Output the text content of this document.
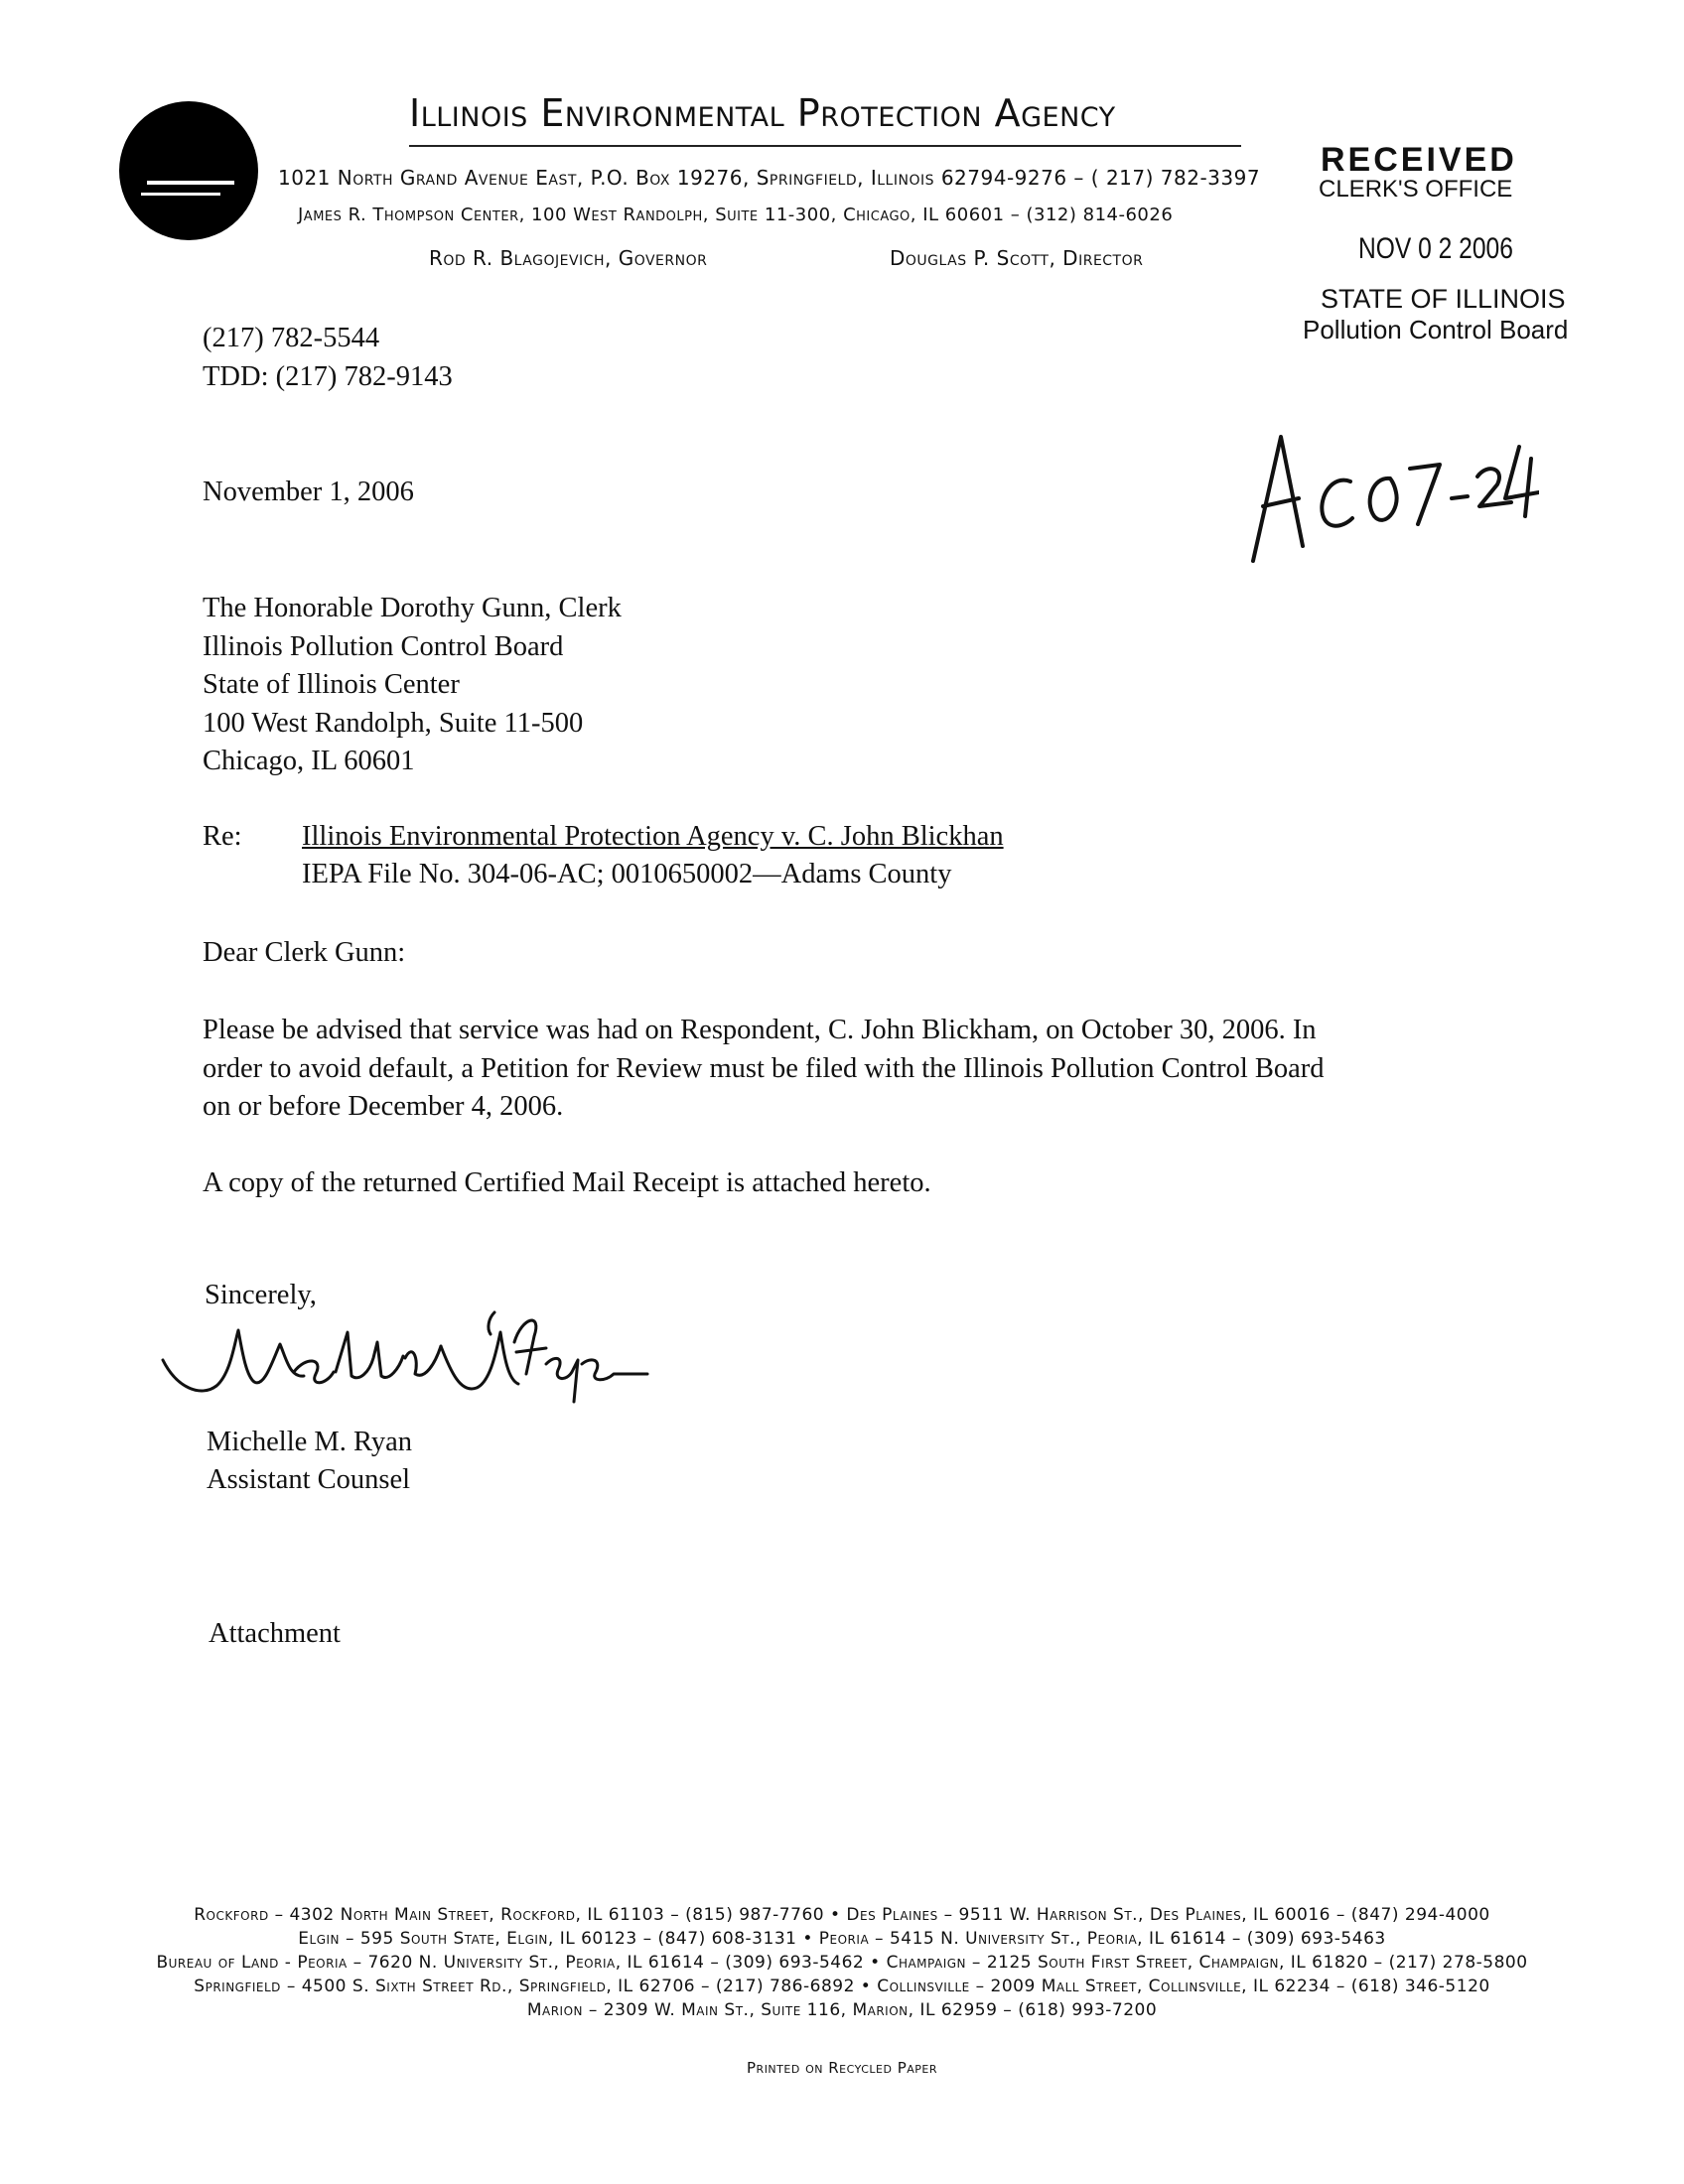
Illinois Environmental Protection Agency
1021 North Grand Avenue East, P.O. Box 19276, Springfield, Illinois 62794-9276 – ( 217) 782-3397
James R. Thompson Center, 100 West Randolph, Suite 11-300, Chicago, IL 60601 – (312) 814-6026
Rod R. Blagojevich, Governor	Douglas P. Scott, Director
RECEIVED
CLERK'S OFFICE
NOV 0 2 2006
STATE OF ILLINOIS
Pollution Control Board
(217) 782-5544
TDD: (217) 782-9143
November 1, 2006
The Honorable Dorothy Gunn, Clerk
Illinois Pollution Control Board
State of Illinois Center
100 West Randolph, Suite 11-500
Chicago, IL 60601
Re: Illinois Environmental Protection Agency v. C. John Blickhan
IEPA File No. 304-06-AC; 0010650002—Adams County
Dear Clerk Gunn:
Please be advised that service was had on Respondent, C. John Blickham, on October 30, 2006. In
order to avoid default, a Petition for Review must be filed with the Illinois Pollution Control Board
on or before December 4, 2006.
A copy of the returned Certified Mail Receipt is attached hereto.
Sincerely,
Michelle M. Ryan
Assistant Counsel
Attachment
Rockford – 4302 North Main Street, Rockford, IL 61103 – (815) 987-7760 • Des Plaines – 9511 W. Harrison St., Des Plaines, IL 60016 – (847) 294-4000
Elgin – 595 South State, Elgin, IL 60123 – (847) 608-3131 • Peoria – 5415 N. University St., Peoria, IL 61614 – (309) 693-5463
Bureau of Land - Peoria – 7620 N. University St., Peoria, IL 61614 – (309) 693-5462 • Champaign – 2125 South First Street, Champaign, IL 61820 – (217) 278-5800
Springfield – 4500 S. Sixth Street Rd., Springfield, IL 62706 – (217) 786-6892 • Collinsville – 2009 Mall Street, Collinsville, IL 62234 – (618) 346-5120
Marion – 2309 W. Main St., Suite 116, Marion, IL 62959 – (618) 993-7200
Printed on Recycled Paper
